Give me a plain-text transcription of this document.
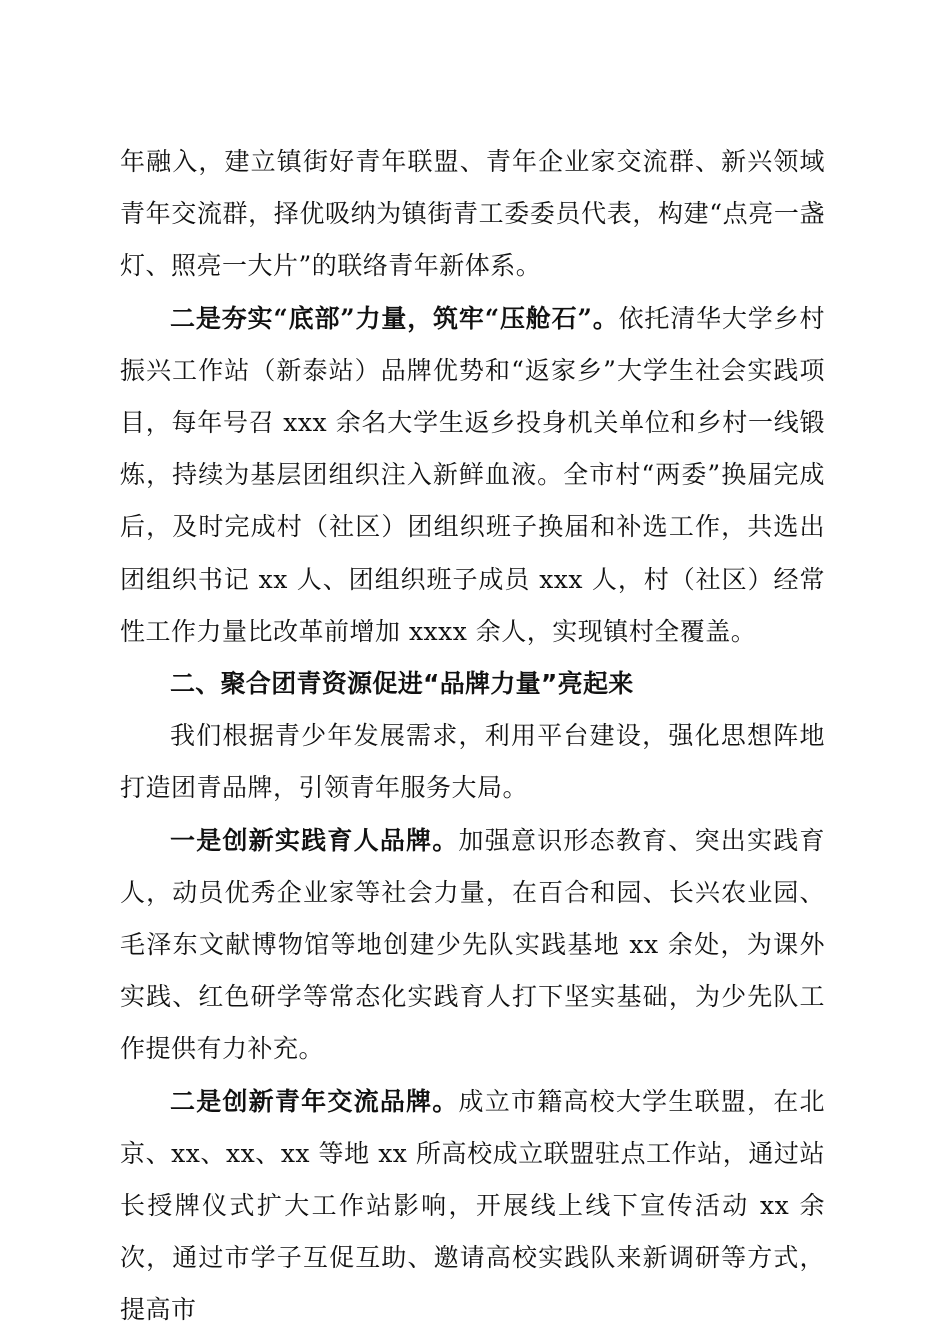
年融入，建立镇街好青年联盟、青年企业家交流群、新兴领域青年交流群，择优吸纳为镇街青工委委员代表，构建“点亮一盏灯、照亮一大片”的联络青年新体系。

二是夯实“底部”力量，筑牢“压舱石”。依托清华大学乡村振兴工作站（新泰站）品牌优势和“返家乡”大学生社会实践项目，每年号召 xxx 余名大学生返乡投身机关单位和乡村一线锻炼，持续为基层团组织注入新鲜血液。全市村“两委”换届完成后，及时完成村（社区）团组织班子换届和补选工作，共选出团组织书记 xx 人、团组织班子成员 xxx 人，村（社区）经常性工作力量比改革前增加 xxxx 余人，实现镇村全覆盖。

二、聚合团青资源促进“品牌力量”亮起来

我们根据青少年发展需求，利用平台建设，强化思想阵地打造团青品牌，引领青年服务大局。

一是创新实践育人品牌。加强意识形态教育、突出实践育人，动员优秀企业家等社会力量，在百合和园、长兴农业园、毛泽东文献博物馆等地创建少先队实践基地 xx 余处，为课外实践、红色研学等常态化实践育人打下坚实基础，为少先队工作提供有力补充。

二是创新青年交流品牌。成立市籍高校大学生联盟，在北京、xx、xx、xx 等地 xx 所高校成立联盟驻点工作站，通过站长授牌仪式扩大工作站影响，开展线上线下宣传活动 xx 余次，通过市学子互促互助、邀请高校实践队来新调研等方式，提高市
